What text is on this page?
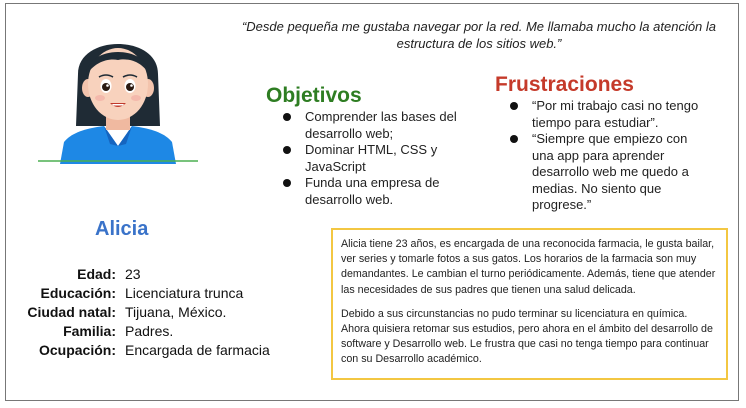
“Desde pequeña me gustaba navegar por la red. Me llamaba mucho la atención la estructura de los sitios web.”
Objetivos
Comprender las bases del desarrollo web;
Dominar HTML, CSS y JavaScript
Funda una empresa de desarrollo web.
Frustraciones
“Por mi trabajo casi no tengo tiempo para estudiar”.
“Siempre que empiezo con una app para aprender desarrollo web me quedo a medias. No siento que progrese.”
Alicia
Edad: 23
Educación: Licenciatura trunca
Ciudad natal: Tijuana, México.
Familia: Padres.
Ocupación: Encargada de farmacia

Alicia tiene 23 años, es encargada de una reconocida farmacia, le gusta bailar, ver series y tomarle fotos a sus gatos. Los horarios de la farmacia son muy demandantes. Le cambian el turno periódicamente. Además, tiene que atender las necesidades de sus padres que tienen una salud delicada.

Debido a sus circunstancias no pudo terminar su licenciatura en química. Ahora quisiera retomar sus estudios, pero ahora en el ámbito del desarrollo de software y Desarrollo web. Le frustra que casi no tenga tiempo para continuar con su Desarrollo académico.
